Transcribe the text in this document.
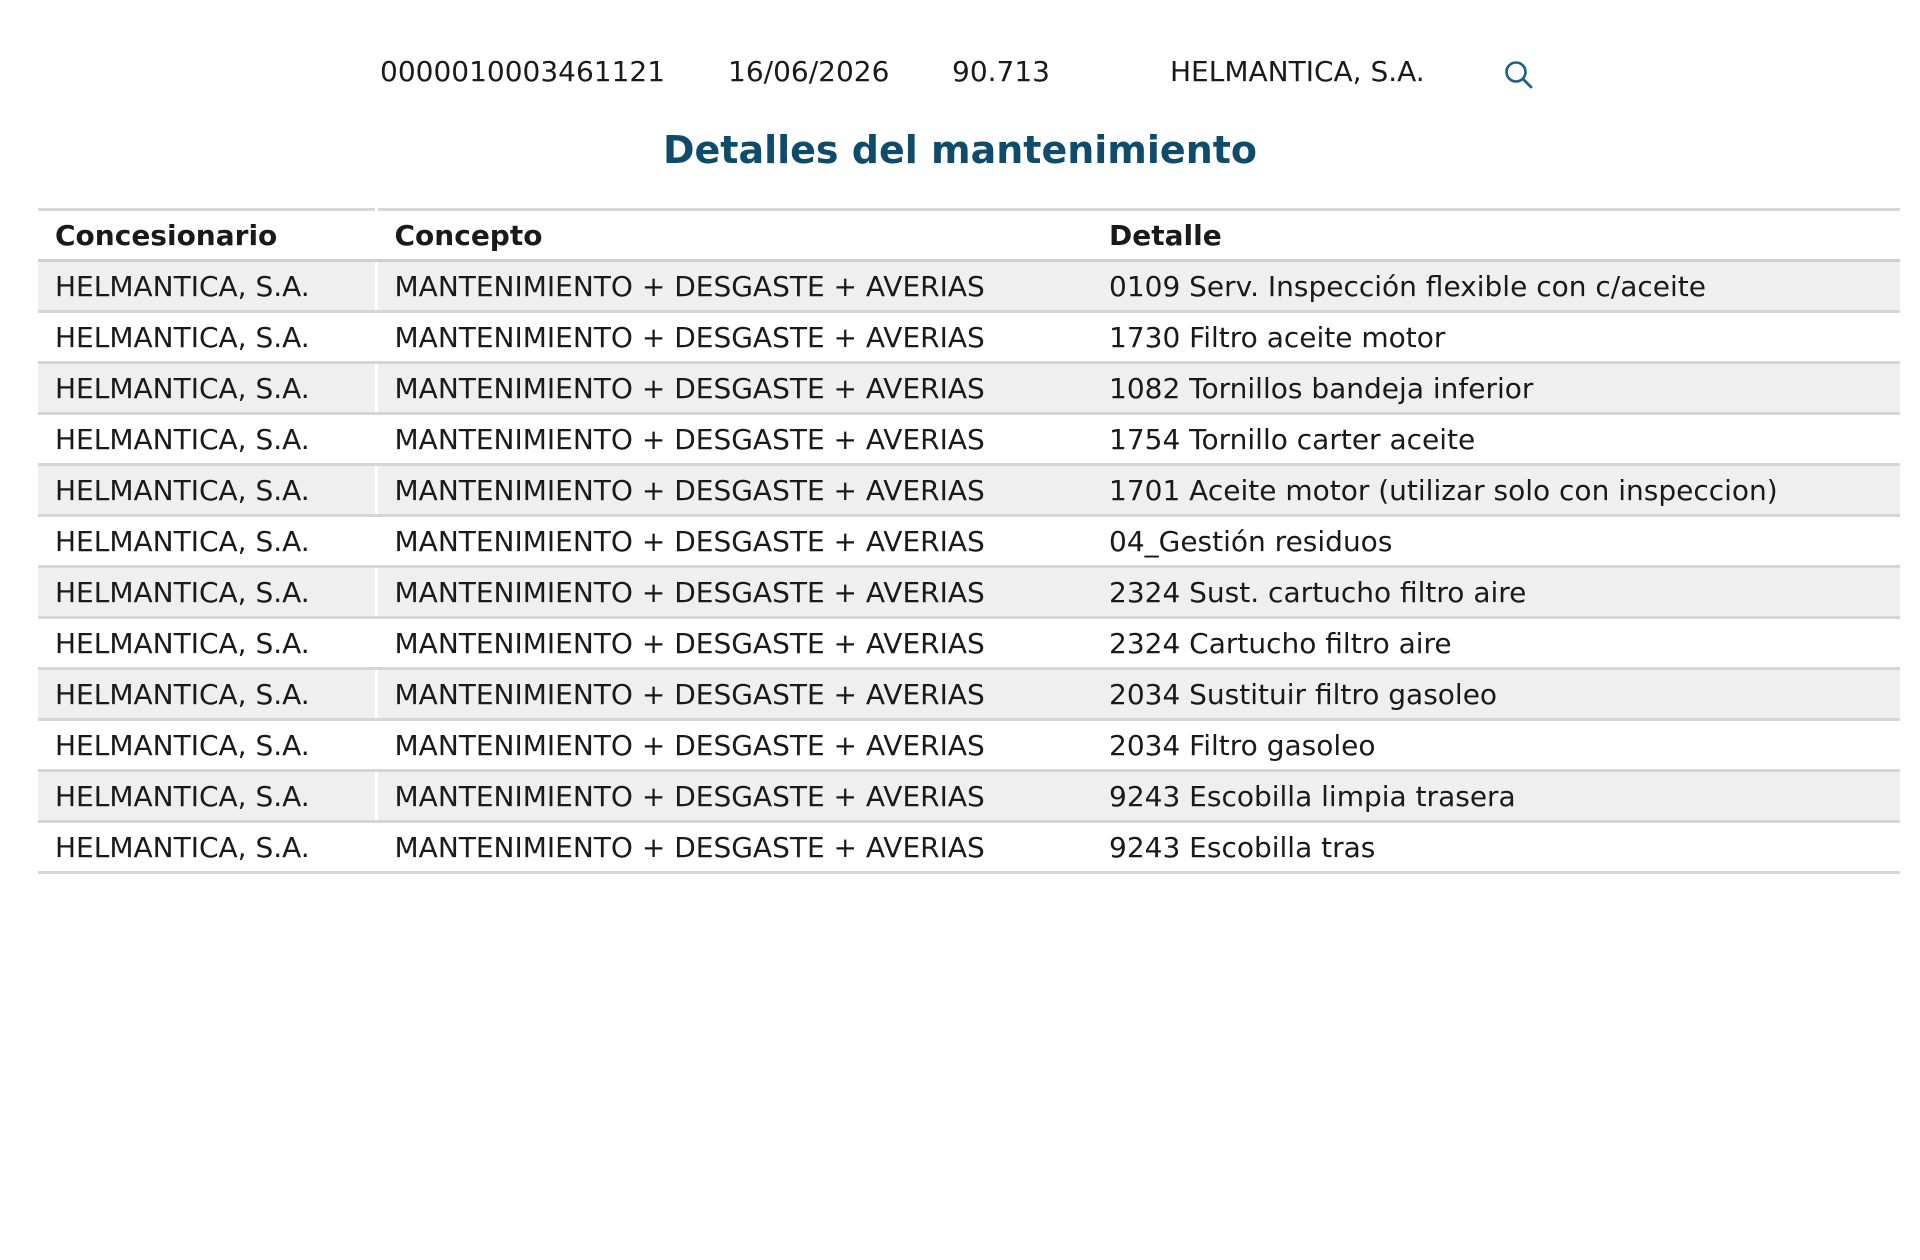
0000010003461121 16/06/2026 90.713	HELMANTICA, S.A.
Detalles del mantenimiento
Concesionario	Concepto	Detalle
HELMANTICA, S.A.	MANTENIMIENTO + DESGASTE + AVERIAS	0109 Serv. Inspección flexible con c/aceite
HELMANTICA, S.A.	MANTENIMIENTO + DESGASTE + AVERIAS	1730 Filtro aceite motor
HELMANTICA, S.A.	MANTENIMIENTO + DESGASTE + AVERIAS	1082 Tornillos bandeja inferior
HELMANTICA, S.A.	MANTENIMIENTO + DESGASTE + AVERIAS	1754 Tornillo carter aceite
HELMANTICA, S.A.	MANTENIMIENTO + DESGASTE + AVERIAS	1701 Aceite motor (utilizar solo con inspeccion)
HELMANTICA, S.A.	MANTENIMIENTO + DESGASTE + AVERIAS	04_Gestión residuos
HELMANTICA, S.A.	MANTENIMIENTO + DESGASTE + AVERIAS	2324 Sust. cartucho filtro aire
HELMANTICA, S.A.	MANTENIMIENTO + DESGASTE + AVERIAS	2324 Cartucho filtro aire
HELMANTICA, S.A.	MANTENIMIENTO + DESGASTE + AVERIAS	2034 Sustituir filtro gasoleo
HELMANTICA, S.A.	MANTENIMIENTO + DESGASTE + AVERIAS	2034 Filtro gasoleo
HELMANTICA, S.A.	MANTENIMIENTO + DESGASTE + AVERIAS	9243 Escobilla limpia trasera
HELMANTICA, S.A.	MANTENIMIENTO + DESGASTE + AVERIAS	9243 Escobilla tras
